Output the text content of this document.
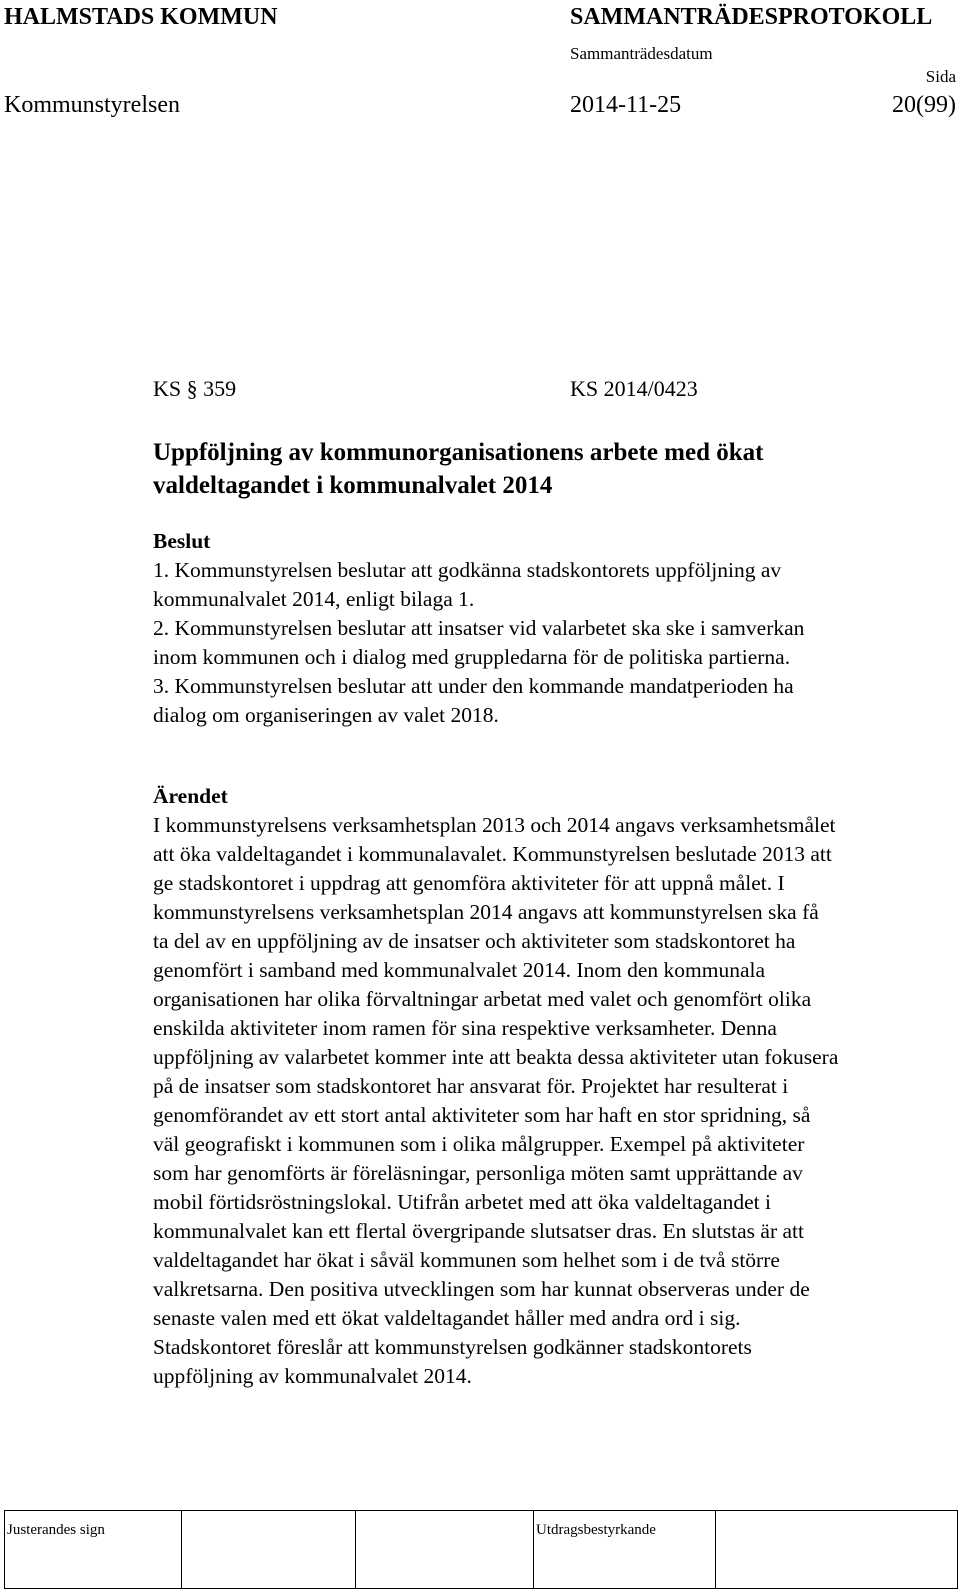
HALMSTADS KOMMUN	SAMMANTRÄDESPROTOKOLL
Sammanträdesdatum
Sida
Kommunstyrelsen	2014-11-25	20(99)
KS § 359	KS 2014/0423
Uppföljning av kommunorganisationens arbete med ökat
valdeltagandet i kommunalvalet 2014
Beslut
1. Kommunstyrelsen beslutar att godkänna stadskontorets uppföljning av
kommunalvalet 2014, enligt bilaga 1.
2. Kommunstyrelsen beslutar att insatser vid valarbetet ska ske i samverkan
inom kommunen och i dialog med gruppledarna för de politiska partierna.
3. Kommunstyrelsen beslutar att under den kommande mandatperioden ha
dialog om organiseringen av valet 2018.
Ärendet
I kommunstyrelsens verksamhetsplan 2013 och 2014 angavs verksamhetsmålet
att öka valdeltagandet i kommunalavalet. Kommunstyrelsen beslutade 2013 att
ge stadskontoret i uppdrag att genomföra aktiviteter för att uppnå målet. I
kommunstyrelsens verksamhetsplan 2014 angavs att kommunstyrelsen ska få
ta del av en uppföljning av de insatser och aktiviteter som stadskontoret ha
genomfört i samband med kommunalvalet 2014. Inom den kommunala
organisationen har olika förvaltningar arbetat med valet och genomfört olika
enskilda aktiviteter inom ramen för sina respektive verksamheter. Denna
uppföljning av valarbetet kommer inte att beakta dessa aktiviteter utan fokusera
på de insatser som stadskontoret har ansvarat för. Projektet har resulterat i
genomförandet av ett stort antal aktiviteter som har haft en stor spridning, så
väl geografiskt i kommunen som i olika målgrupper. Exempel på aktiviteter
som har genomförts är föreläsningar, personliga möten samt upprättande av
mobil förtidsröstningslokal. Utifrån arbetet med att öka valdeltagandet i
kommunalvalet kan ett flertal övergripande slutsatser dras. En slutstas är att
valdeltagandet har ökat i såväl kommunen som helhet som i de två större
valkretsarna. Den positiva utvecklingen som har kunnat observeras under de
senaste valen med ett ökat valdeltagandet håller med andra ord i sig.
Stadskontoret föreslår att kommunstyrelsen godkänner stadskontorets
uppföljning av kommunalvalet 2014.
Justerandes sign			Utdragsbestyrkande	
